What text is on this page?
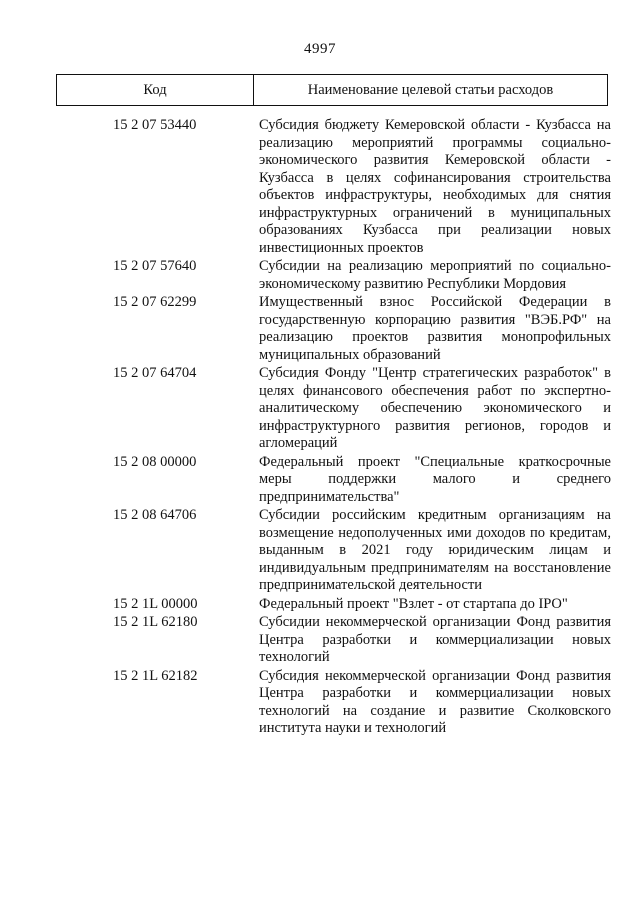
4997
Код	Наименование целевой статьи расходов
15 2 07 53440	Субсидия бюджету Кемеровской области - Кузбасса на реализацию мероприятий программы социально-экономического развития Кемеровской области - Кузбасса в целях софинансирования строительства объектов инфраструктуры, необходимых для снятия инфраструктурных ограничений в муниципальных образованиях Кузбасса при реализации новых инвестиционных проектов
15 2 07 57640	Субсидии на реализацию мероприятий по социально-экономическому развитию Республики Мордовия
15 2 07 62299	Имущественный взнос Российской Федерации в государственную корпорацию развития "ВЭБ.РФ" на реализацию проектов развития монопрофильных муниципальных образований
15 2 07 64704	Субсидия Фонду "Центр стратегических разработок" в целях финансового обеспечения работ по экспертно-аналитическому обеспечению экономического и инфраструктурного развития регионов, городов и агломераций
15 2 08 00000	Федеральный проект "Специальные краткосрочные меры поддержки малого и среднего предпринимательства"
15 2 08 64706	Субсидии российским кредитным организациям на возмещение недополученных ими доходов по кредитам, выданным в 2021 году юридическим лицам и индивидуальным предпринимателям на восстановление предпринимательской деятельности
15 2 1L 00000	Федеральный проект "Взлет - от стартапа до IPO"
15 2 1L 62180	Субсидии некоммерческой организации Фонд развития Центра разработки и коммерциализации новых технологий
15 2 1L 62182	Субсидия некоммерческой организации Фонд развития Центра разработки и коммерциализации новых технологий на создание и развитие Сколковского института науки и технологий
